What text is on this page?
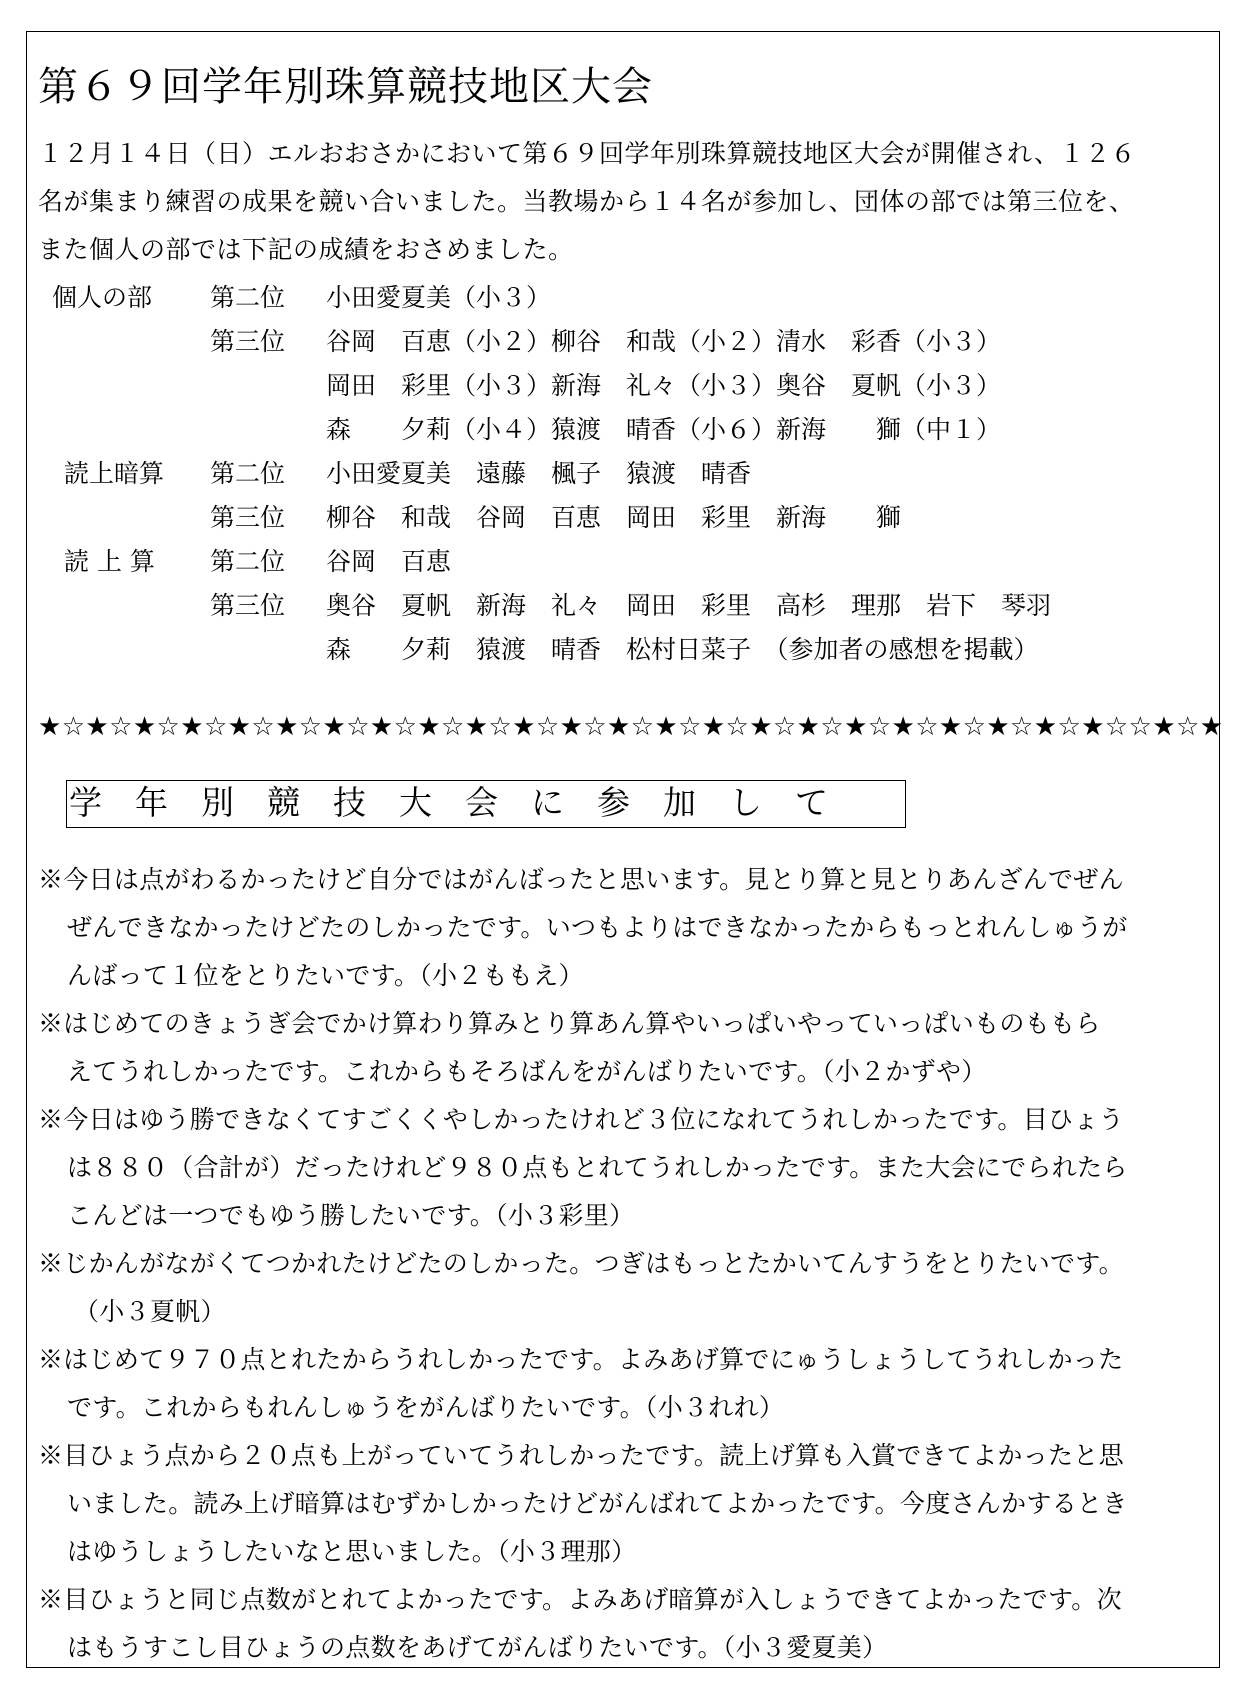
第６９回学年別珠算競技地区大会

１２月１４日（日）エルおおさかにおいて第６９回学年別珠算競技地区大会が開催され、１２６

名が集まり練習の成果を競い合いました。当教場から１４名が参加し、団体の部では第三位を、

また個人の部では下記の成績をおさめました。

個人の部 第二位 小田愛夏美（小３）
第三位 谷岡　百恵（小２）柳谷　和哉（小２）清水　彩香（小３）
岡田　彩里（小３）新海　礼々（小３）奥谷　夏帆（小３）
森　　夕莉（小４）猿渡　晴香（小６）新海　　獅（中１）
読上暗算 第二位 小田愛夏美　遠藤　楓子　猿渡　晴香
第三位 柳谷　和哉　谷岡　百恵　岡田　彩里　新海　　獅
読 上 算 第二位 谷岡　百恵
第三位 奥谷　夏帆　新海　礼々　岡田　彩里　高杉　理那　岩下　琴羽
森　　夕莉　猿渡　晴香　松村日菜子　（参加者の感想を掲載）
★☆★☆★☆★☆★☆★☆★☆★☆★☆★☆★☆★☆★☆★☆★☆★☆★☆★☆★☆★☆★☆★☆★☆☆★☆★
学　年　別　競　技　大　会　に　参　加　し　て

※今日は点がわるかったけど自分ではがんばったと思います。見とり算と見とりあんざんでぜん

ぜんできなかったけどたのしかったです。いつもよりはできなかったからもっとれんしゅうが

んばって１位をとりたいです。（小２ももえ）

※はじめてのきょうぎ会でかけ算わり算みとり算あん算やいっぱいやっていっぱいものももら

えてうれしかったです。これからもそろばんをがんばりたいです。（小２かずや）

※今日はゆう勝できなくてすごくくやしかったけれど３位になれてうれしかったです。目ひょう

は８８０（合計が）だったけれど９８０点もとれてうれしかったです。また大会にでられたら

こんどは一つでもゆう勝したいです。（小３彩里）

※じかんがながくてつかれたけどたのしかった。つぎはもっとたかいてんすうをとりたいです。

（小３夏帆）

※はじめて９７０点とれたからうれしかったです。よみあげ算でにゅうしょうしてうれしかった

です。これからもれんしゅうをがんばりたいです。（小３れれ）

※目ひょう点から２０点も上がっていてうれしかったです。読上げ算も入賞できてよかったと思

いました。読み上げ暗算はむずかしかったけどがんばれてよかったです。今度さんかするとき

はゆうしょうしたいなと思いました。（小３理那）

※目ひょうと同じ点数がとれてよかったです。よみあげ暗算が入しょうできてよかったです。次

はもうすこし目ひょうの点数をあげてがんばりたいです。（小３愛夏美）
